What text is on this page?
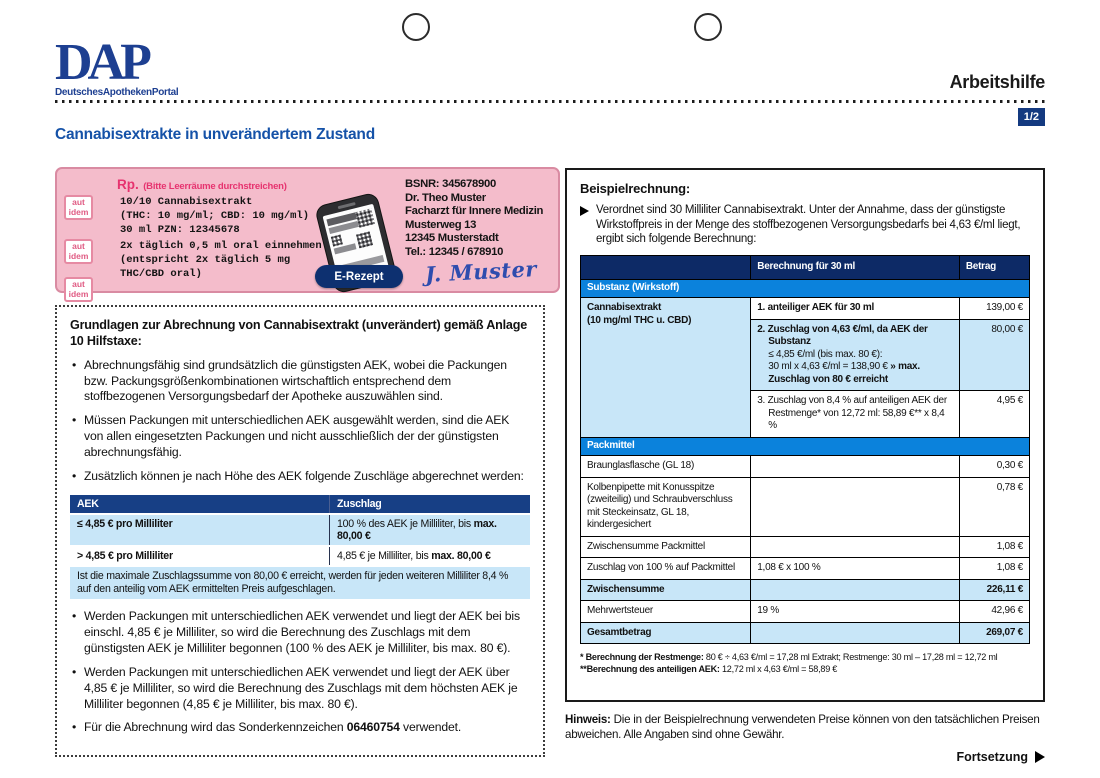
DAP
DeutschesApothekenPortal
Arbeitshilfe
1/2
Cannabisextrakte in unverändertem Zustand
Rp. (Bitte Leerräume durchstreichen)
aut
idem
aut
idem
aut
idem
10/10 Cannabisextrakt
(THC: 10 mg/ml; CBD: 10 mg/ml)
30 ml PZN: 12345678
2x täglich 0,5 ml oral einnehmen
(entspricht 2x täglich 5 mg
THC/CBD oral)	E-Rezept
BSNR: 345678900
Dr. Theo Muster
Facharzt für Innere Medizin
Musterweg 13
12345 Musterstadt
Tel.: 12345 / 678910
J. Muster
Grundlagen zur Abrechnung von Cannabisextrakt (unverändert) gemäß Anlage 10 Hilfstaxe:
• Abrechnungsfähig sind grundsätzlich die günstigsten AEK, wobei die Packungen bzw. Packungsgrößenkombinationen wirtschaftlich entsprechend dem stoffbezogenen Versorgungsbedarf der Apotheke auszuwählen sind.
• Müssen Packungen mit unterschiedlichen AEK ausgewählt werden, sind die AEK von allen eingesetzten Packungen und nicht ausschließlich der der günstigsten abrechnungsfähig.
• Zusätzlich können je nach Höhe des AEK folgende Zuschläge abgerechnet werden:
AEK	Zuschlag
≤ 4,85 € pro Milliliter	100 % des AEK je Milliliter, bis max. 80,00 €
> 4,85 € pro Milliliter	4,85 € je Milliliter, bis max. 80,00 €
Ist die maximale Zuschlagssumme von 80,00 € erreicht, werden für jeden weiteren Milliliter 8,4 % auf den anteilig vom AEK ermittelten Preis aufgeschlagen.	
• Werden Packungen mit unterschiedlichen AEK verwendet und liegt der AEK bei bis einschl. 4,85 € je Milliliter, so wird die Berechnung des Zuschlags mit dem günstigsten AEK je Milliliter begonnen (100 % des AEK je Milliliter, bis max. 80 €).
• Werden Packungen mit unterschiedlichen AEK verwendet und liegt der AEK über 4,85 € je Milliliter, so wird die Berechnung des Zuschlags mit dem höchsten AEK je Milliliter begonnen (4,85 € je Milliliter, bis max. 80 €).
• Für die Abrechnung wird das Sonderkennzeichen 06460754 verwendet.
Beispielrechnung:
Verordnet sind 30 Milliliter Cannabisextrakt. Unter der Annahme, dass der günstigste Wirkstoffpreis in der Menge des stoffbezogenen Versorgungsbedarfs bei 4,63 €/ml liegt, ergibt sich folgende Berechnung:
	Berechnung für 30 ml	Betrag
Substanz (Wirkstoff)		

Cannabisextrakt
(10 mg/ml THC u. CBD)	1. anteiliger AEK für 30 ml	139,00 €

	2. Zuschlag von 4,63 €/ml, da AEK der Substanz
≤ 4,85 €/ml (bis max. 80 €):
30 ml x 4,63 €/ml = 138,90 € » max.
Zuschlag von 80 € erreicht	80,00 €

	3. Zuschlag von 8,4 % auf anteiligen AEK der
Restmenge* von 12,72 ml: 58,89 €** x 8,4 %	4,95 €
Packmittel		
Braunglasflasche (GL 18)		0,30 €
Kolbenpipette mit Konusspitze (zweiteilig) und Schraubverschluss mit Steckeinsatz, GL 18, kindergesichert		0,78 €
Zwischensumme Packmittel		1,08 €
Zuschlag von 100 % auf Packmittel	1,08 € x 100 %	1,08 €
Zwischensumme		226,11 €
Mehrwertsteuer	19 %	42,96 €
Gesamtbetrag		269,07 €
* Berechnung der Restmenge: 80 € ÷ 4,63 €/ml = 17,28 ml Extrakt; Restmenge: 30 ml – 17,28 ml = 12,72 ml
**Berechnung des anteiligen AEK: 12,72 ml x 4,63 €/ml = 58,89 €
Hinweis: Die in der Beispielrechnung verwendeten Preise können von den tatsächlichen Preisen abweichen. Alle Angaben sind ohne Gewähr.
Fortsetzung
